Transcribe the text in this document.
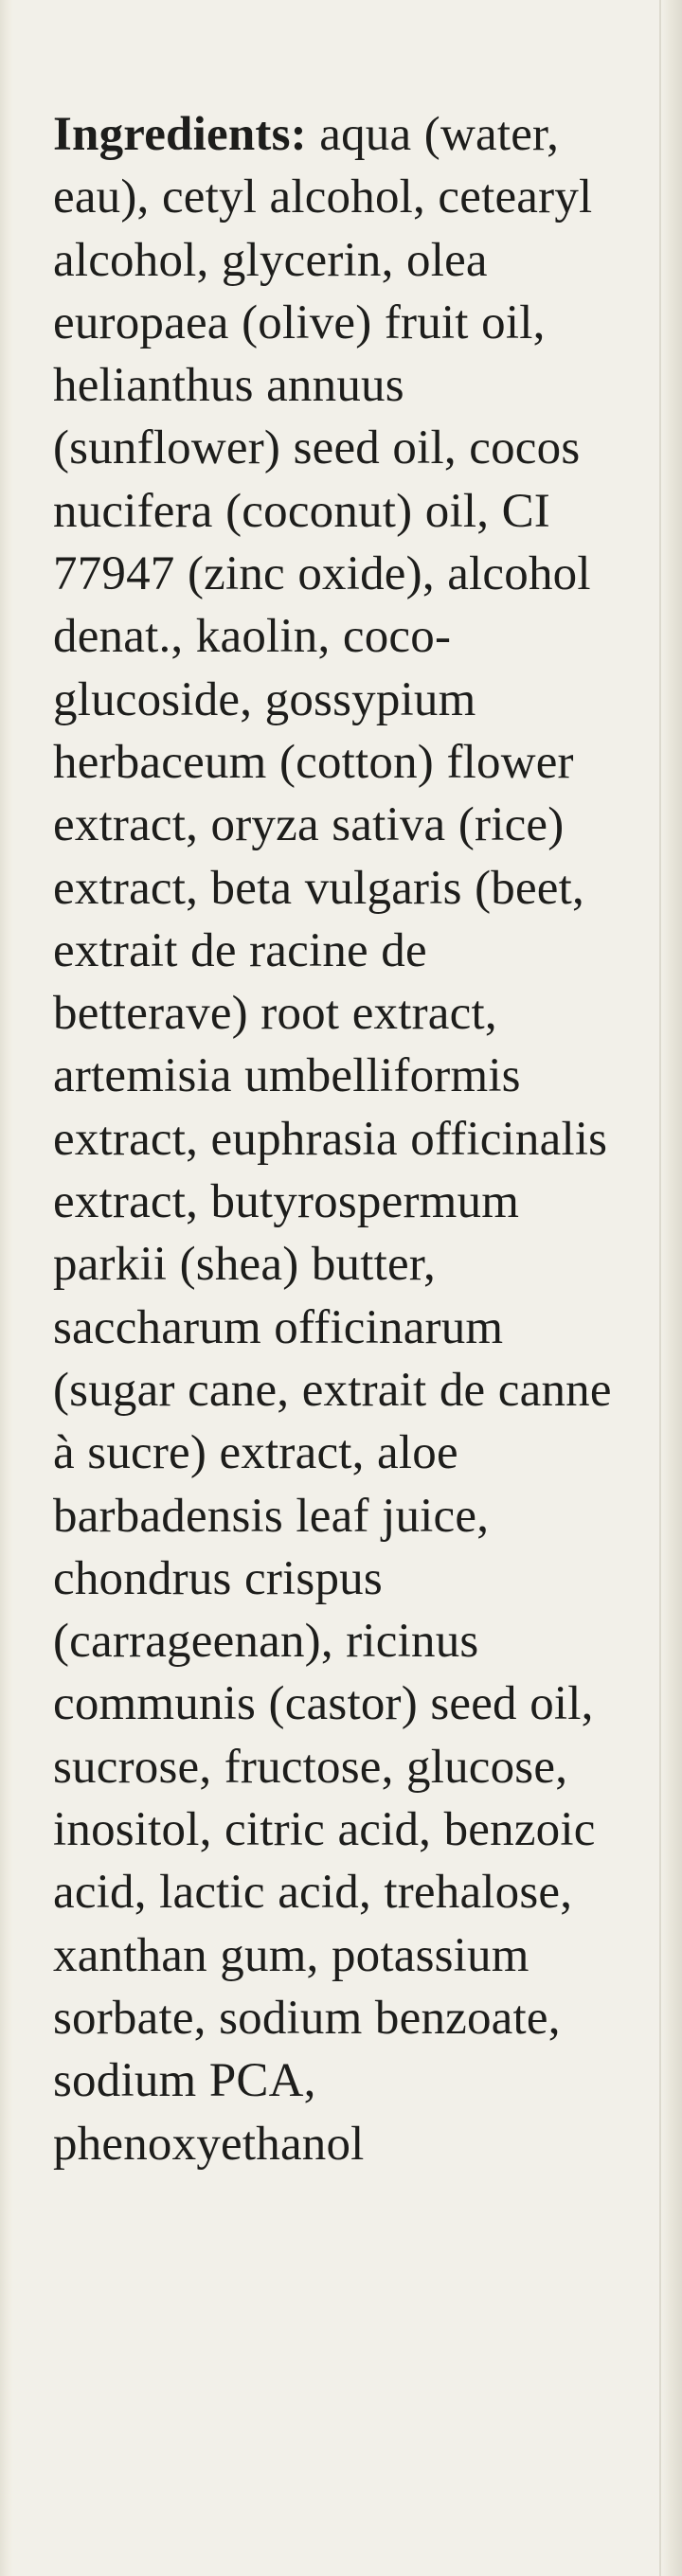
Ingredients: aqua (water, eau), cetyl alcohol, cetearyl alcohol, glycerin, olea europaea (olive) fruit oil, helianthus annuus (sunflower) seed oil, cocos nucifera (coconut) oil, CI 77947 (zinc oxide), alcohol denat., kaolin, coco-glucoside, gossypium herbaceum (cotton) flower extract, oryza sativa (rice) extract, beta vulgaris (beet, extrait de racine de betterave) root extract, artemisia umbelliformis extract, euphrasia officinalis extract, butyrospermum parkii (shea) butter, saccharum officinarum (sugar cane, extrait de canne à sucre) extract, aloe barbadensis leaf juice, chondrus crispus (carrageenan), ricinus communis (castor) seed oil, sucrose, fructose, glucose, inositol, citric acid, benzoic acid, lactic acid, trehalose, xanthan gum, potassium sorbate, sodium benzoate, sodium PCA, phenoxyethanol
